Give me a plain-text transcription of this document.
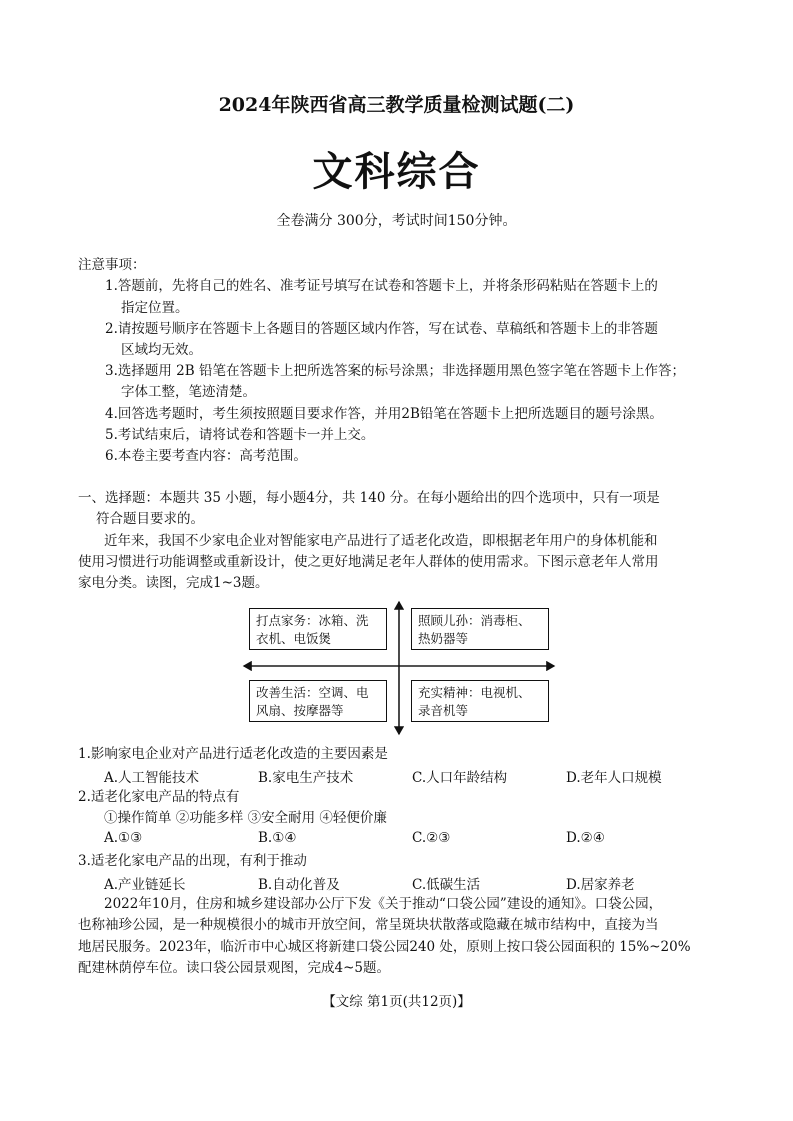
2024年陕西省高三教学质量检测试题(二)
文科综合
全卷满分 300分，考试时间150分钟。
注意事项：
1.答题前，先将自己的姓名、准考证号填写在试卷和答题卡上，并将条形码粘贴在答题卡上的
指定位置。
2.请按题号顺序在答题卡上各题目的答题区域内作答，写在试卷、草稿纸和答题卡上的非答题
区域均无效。
3.选择题用 2B 铅笔在答题卡上把所选答案的标号涂黑；非选择题用黑色签字笔在答题卡上作答；
字体工整，笔迹清楚。
4.回答选考题时，考生须按照题目要求作答，并用2B铅笔在答题卡上把所选题目的题号涂黑。
5.考试结束后，请将试卷和答题卡一并上交。
6.本卷主要考查内容：高考范围。
一、选择题：本题共 35 小题，每小题4分，共 140 分。在每小题给出的四个选项中，只有一项是
符合题目要求的。
近年来，我国不少家电企业对智能家电产品进行了适老化改造，即根据老年用户的身体机能和
使用习惯进行功能调整或重新设计，使之更好地满足老年人群体的使用需求。下图示意老年人常用
家电分类。读图，完成1~3题。
打点家务：冰箱、洗衣机、电饭煲
照顾儿孙：消毒柜、热奶器等
改善生活：空调、电风扇、按摩器等
充实精神：电视机、录音机等
1.影响家电企业对产品进行适老化改造的主要因素是
A.人工智能技术	B.家电生产技术	C.人口年龄结构	D.老年人口规模
2.适老化家电产品的特点有
①操作简单 ②功能多样 ③安全耐用 ④轻便价廉
A.①③	B.①④	C.②③	D.②④
3.适老化家电产品的出现，有利于推动
A.产业链延长	B.自动化普及	C.低碳生活	D.居家养老
2022年10月，住房和城乡建设部办公厅下发《关于推动“口袋公园”建设的通知》。口袋公园，
也称袖珍公园，是一种规模很小的城市开放空间，常呈斑块状散落或隐藏在城市结构中，直接为当
地居民服务。2023年，临沂市中心城区将新建口袋公园240 处，原则上按口袋公园面积的 15%~20%
配建林荫停车位。读口袋公园景观图，完成4~5题。
【文综 第1页(共12页)】
